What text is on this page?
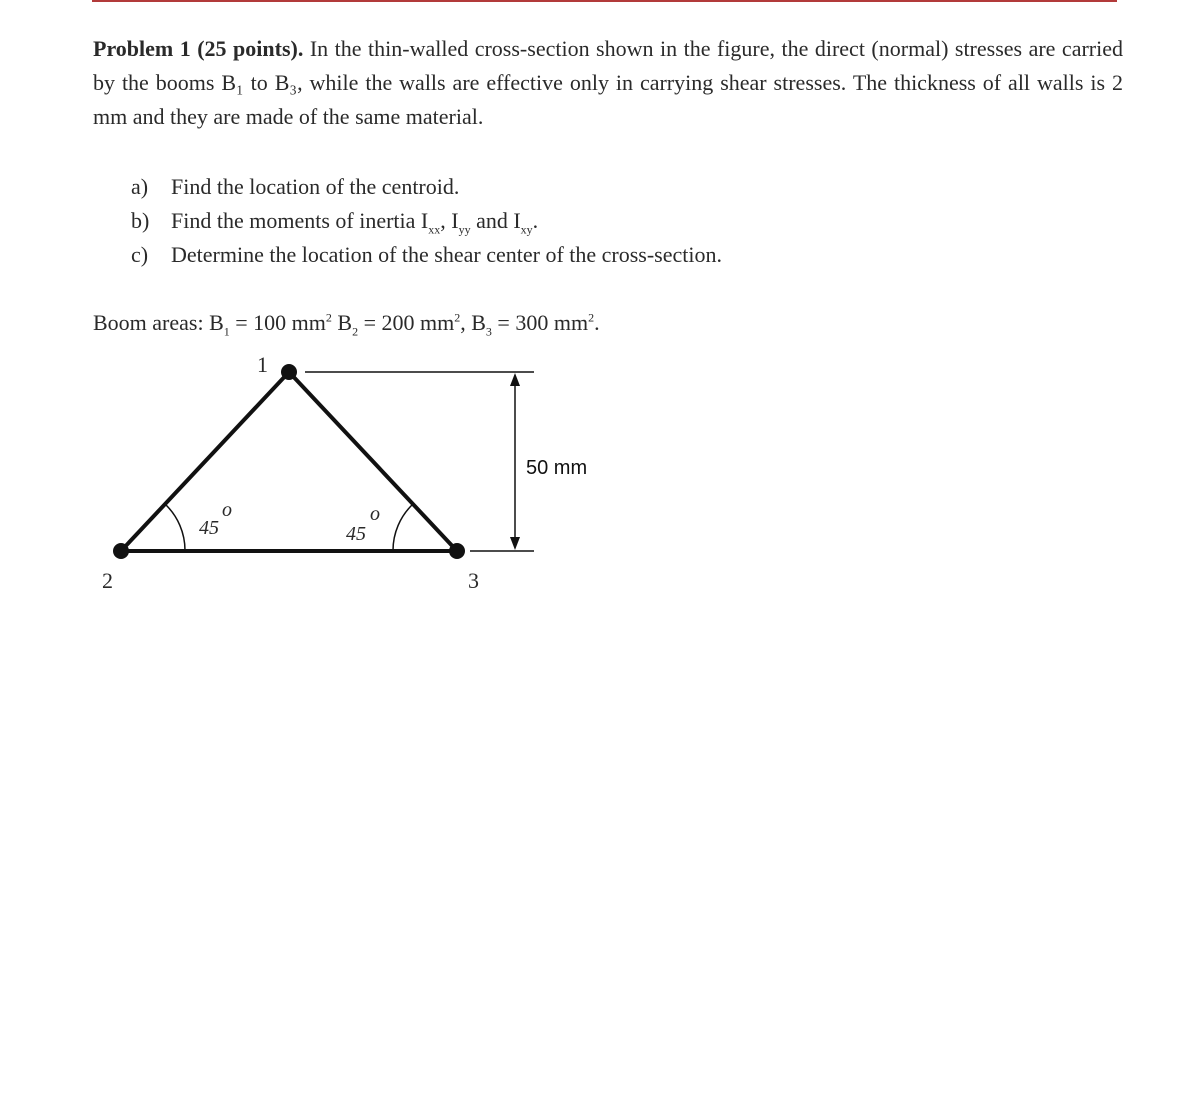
Problem 1 (25 points). In the thin-walled cross-section shown in the figure, the direct (normal) stresses are carried by the booms B₁ to B₃, while the walls are effective only in carrying shear stresses. The thickness of all walls is 2 mm and they are made of the same material.

a) Find the location of the centroid.
b) Find the moments of inertia $I_{xx}$, $I_{yy}$ and $I_{xy}$.
c) Determine the location of the shear center of the cross-section.

Boom areas: $B_1 = 100$ $mm^2$ $B_2 = 200$ $mm^2$, $B_3 = 300$ $mm^2$.

1
2	3
45
o
45
o
50 mm
